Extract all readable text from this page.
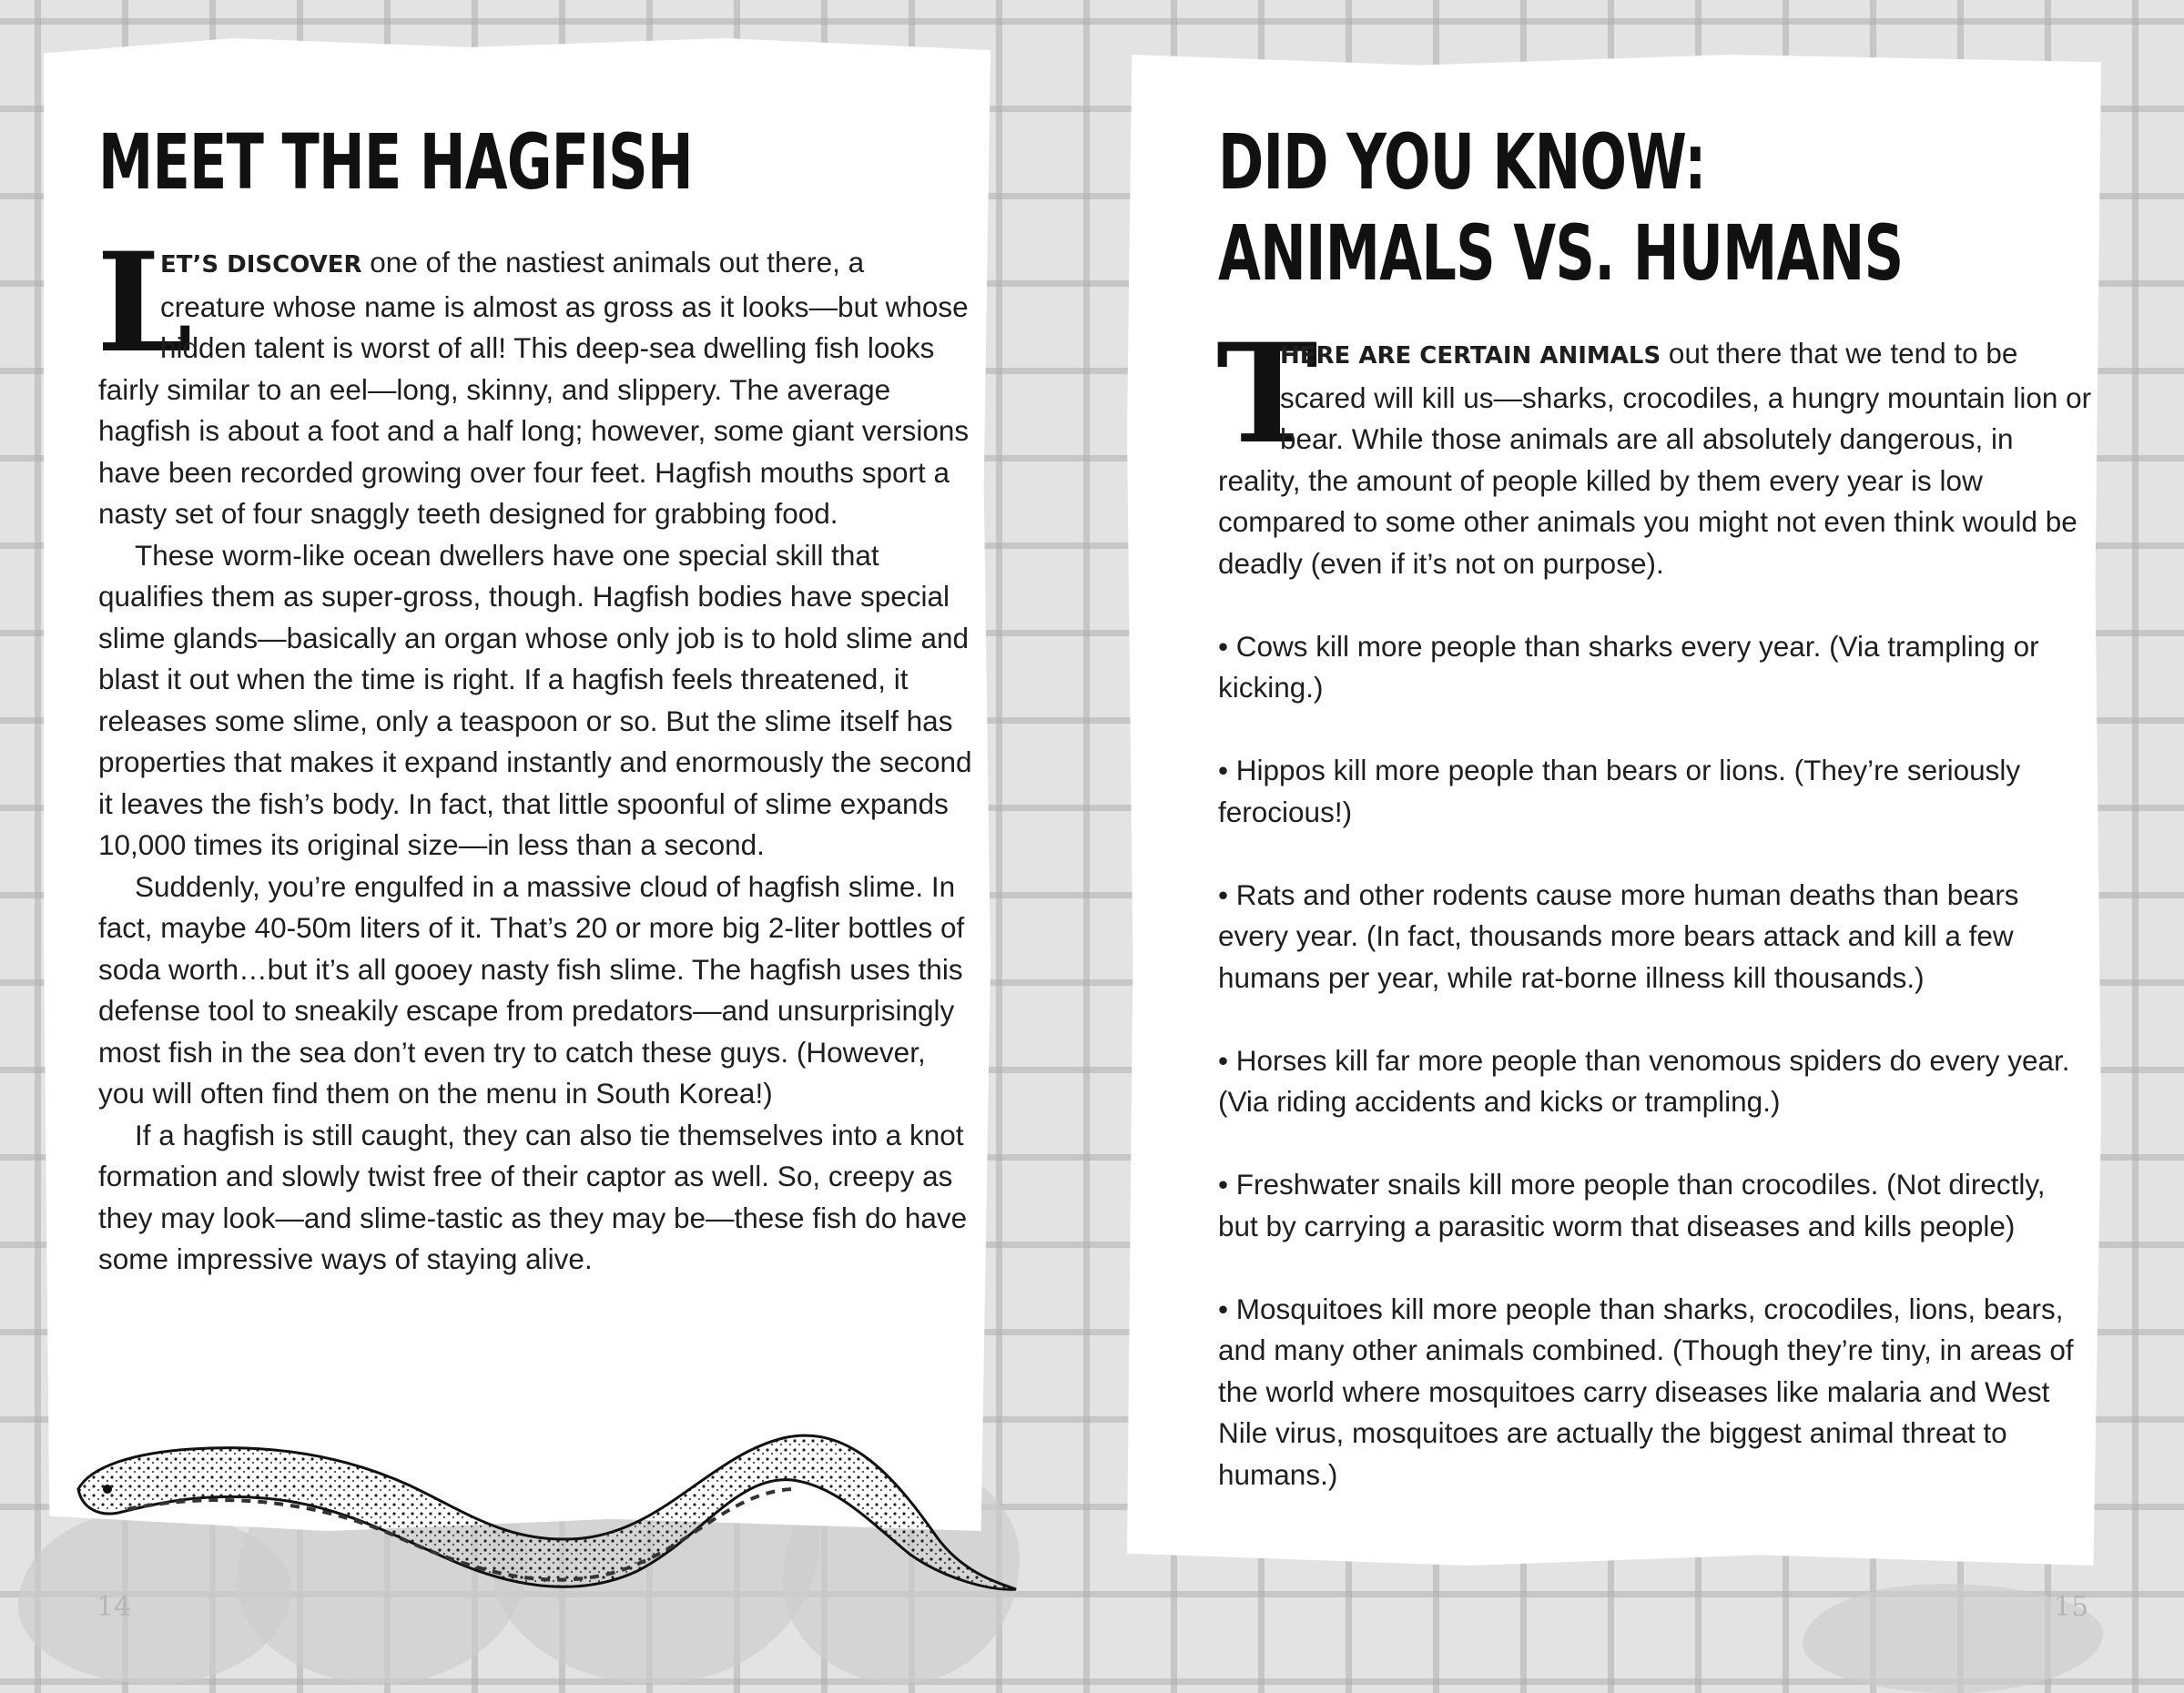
MEET THE HAGFISH

L
ET’S DISCOVER one of the nastiest animals out there, a creature whose name is almost as gross as it looks—but whose hidden talent is worst of all! This deep-sea dwelling fish looks fairly similar to an eel—long, skinny, and slippery. The average hagfish is about a foot and a half long; however, some giant versions have been recorded growing over four feet. Hagfish mouths sport a nasty set of four snaggly teeth designed for grabbing food.

These worm-like ocean dwellers have one special skill that qualifies them as super-gross, though. Hagfish bodies have special slime glands—basically an organ whose only job is to hold slime and blast it out when the time is right. If a hagfish feels threatened, it releases some slime, only a teaspoon or so. But the slime itself has properties that makes it expand instantly and enormously the second it leaves the fish’s body. In fact, that little spoonful of slime expands 10,000 times its original size—in less than a second.

Suddenly, you’re engulfed in a massive cloud of hagfish slime. In fact, maybe 40-50m liters of it. That’s 20 or more big 2-liter bottles of soda worth…but it’s all gooey nasty fish slime. The hagfish uses this defense tool to sneakily escape from predators—and unsurprisingly most fish in the sea don’t even try to catch these guys. (However, you will often find them on the menu in South Korea!)

If a hagfish is still caught, they can also tie themselves into a knot formation and slowly twist free of their captor as well. So, creepy as they may look—and slime-tastic as they may be—these fish do have some impressive ways of staying alive.

14
DID YOU KNOW:
ANIMALS VS. HUMANS

T
HERE ARE CERTAIN ANIMALS out there that we tend to be scared will kill us—sharks, crocodiles, a hungry mountain lion or bear. While those animals are all absolutely dangerous, in reality, the amount of people killed by them every year is low compared to some other animals you might not even think would be deadly (even if it’s not on purpose).

• Cows kill more people than sharks every year. (Via trampling or kicking.)

• Hippos kill more people than bears or lions. (They’re seriously ferocious!)

• Rats and other rodents cause more human deaths than bears every year. (In fact, thousands more bears attack and kill a few humans per year, while rat-borne illness kill thousands.)

• Horses kill far more people than venomous spiders do every year. (Via riding accidents and kicks or trampling.)

• Freshwater snails kill more people than crocodiles. (Not directly, but by carrying a parasitic worm that diseases and kills people)

• Mosquitoes kill more people than sharks, crocodiles, lions, bears, and many other animals combined. (Though they’re tiny, in areas of the world where mosquitoes carry diseases like malaria and West Nile virus, mosquitoes are actually the biggest animal threat to humans.)

15
